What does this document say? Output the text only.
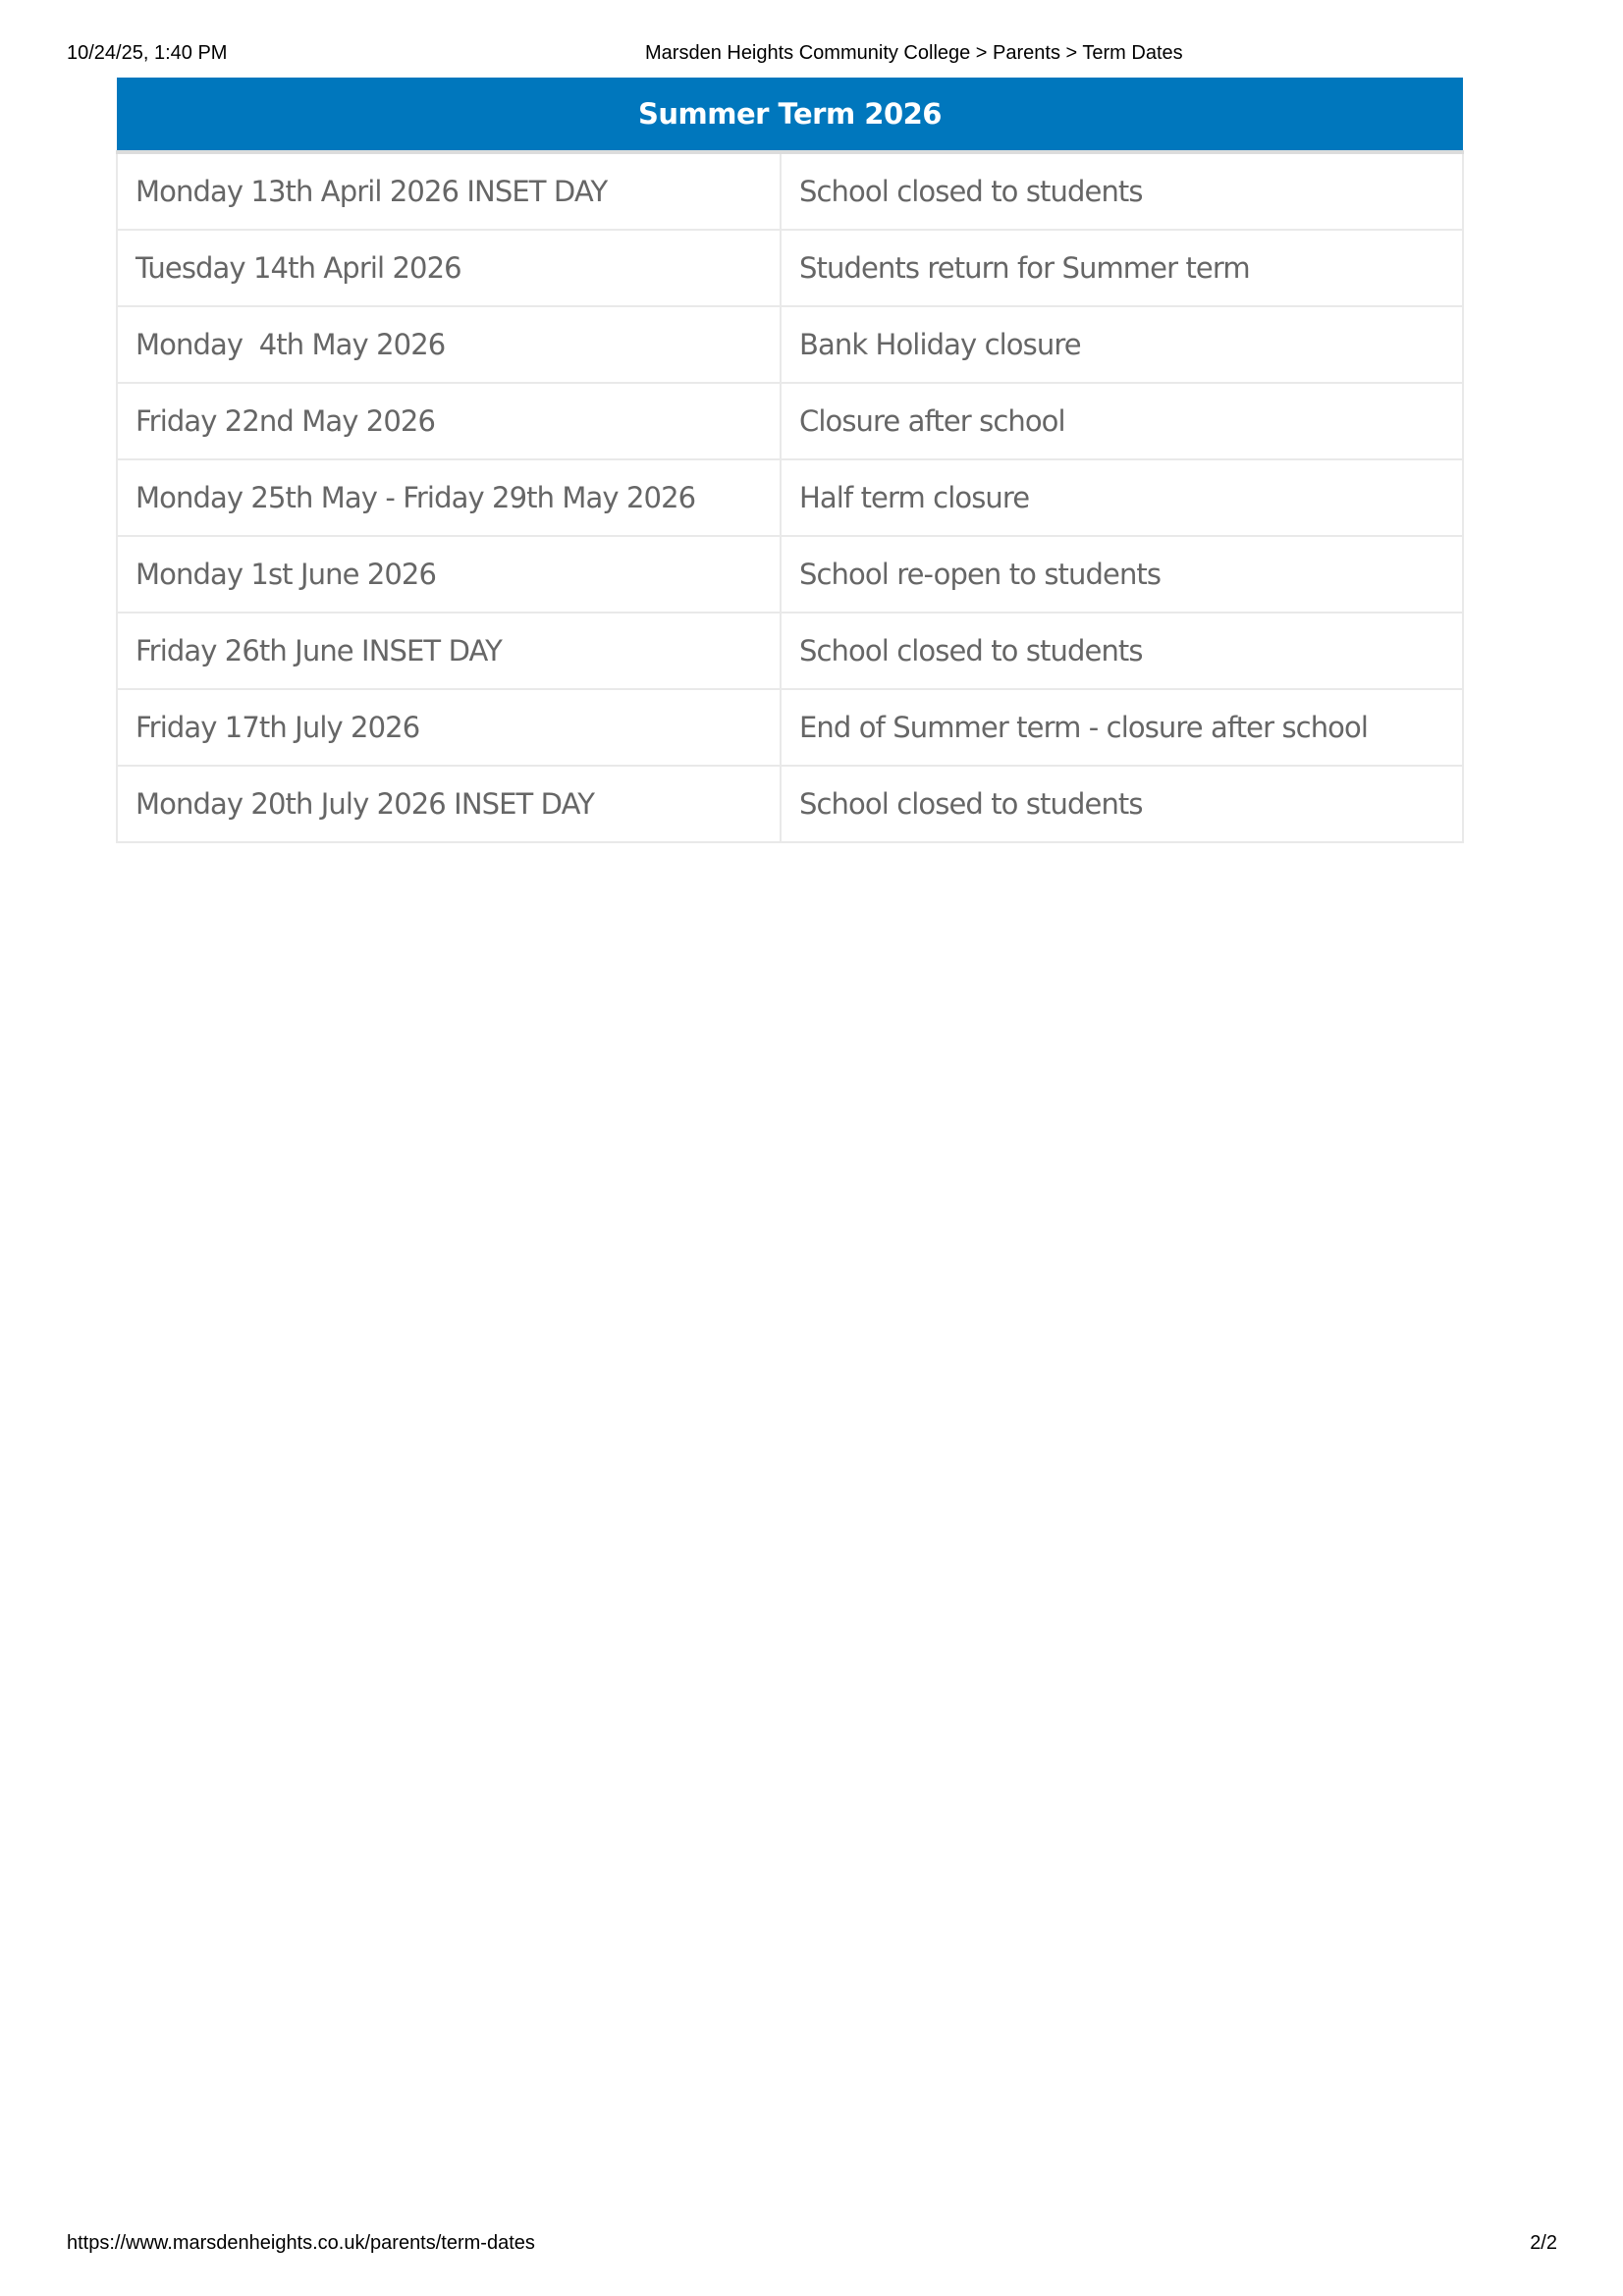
10/24/25, 1:40 PM	Marsden Heights Community College > Parents > Term Dates
Summer Term 2026	
Monday 13th April 2026 INSET DAY	School closed to students
Tuesday 14th April 2026	Students return for Summer term
Monday  4th May 2026	Bank Holiday closure
Friday 22nd May 2026	Closure after school
Monday 25th May - Friday 29th May 2026	Half term closure
Monday 1st June 2026	School re-open to students
Friday 26th June INSET DAY	School closed to students
Friday 17th July 2026	End of Summer term - closure after school
Monday 20th July 2026 INSET DAY	School closed to students
https://www.marsdenheights.co.uk/parents/term-dates	2/2
